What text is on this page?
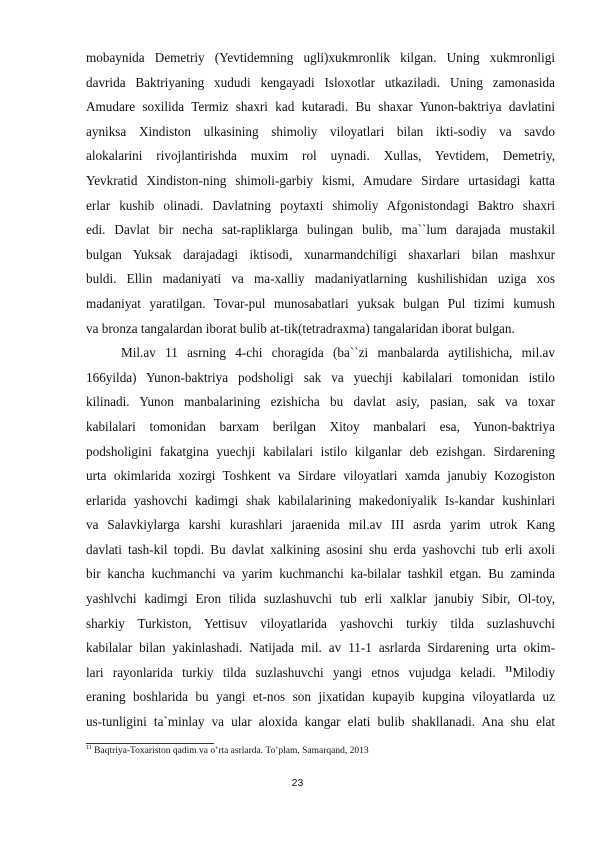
mobaynida Demetriy (Yevtidemning ugli)xukmronlik kilgan. Uning xukmronligi
davrida Baktriyaning xududi kengayadi Isloxotlar utkaziladi. Uning zamonasida
Amudare soxilida Termiz shaxri kad kutaradi. Bu shaxar Yunon-baktriya davlatini
ayniksa Xindiston ulkasining shimoliy viloyatlari bilan ikti-sodiy va savdo
alokalarini rivojlantirishda muxim rol uynadi. Xullas, Yevtidem, Demetriy,
Yevkratid Xindiston-ning shimoli-garbiy kismi, Amudare Sirdare urtasidagi katta
erlar kushib olinadi. Davlatning poytaxti shimoliy Afgonistondagi Baktro shaxri
edi. Davlat bir necha sat-rapliklarga bulingan bulib, ma``lum darajada mustakil
bulgan Yuksak darajadagi iktisodi, xunarmandchiligi shaxarlari bilan mashxur
buldi. Ellin madaniyati va ma-xalliy madaniyatlarning kushilishidan uziga xos
madaniyat yaratilgan. Tovar-pul munosabatlari yuksak bulgan Pul tizimi kumush
va bronza tangalardan iborat bulib at-tik(tetradraxma) tangalaridan iborat bulgan.
Mil.av 11 asrning 4-chi choragida (ba``zi manbalarda aytilishicha, mil.av
166yilda) Yunon-baktriya podsholigi sak va yuechji kabilalari tomonidan istilo
kilinadi. Yunon manbalarining ezishicha bu davlat asiy, pasian, sak va toxar
kabilalari tomonidan barxam berilgan Xitoy manbalari esa, Yunon-baktriya
podsholigini fakatgina yuechji kabilalari istilo kilganlar deb ezishgan. Sirdarening
urta okimlarida xozirgi Toshkent va Sirdare viloyatlari xamda janubiy Kozogiston
erlarida yashovchi kadimgi shak kabilalarining makedoniyalik Is-kandar kushinlari
va Salavkiylarga karshi kurashlari jaraenida mil.av III asrda yarim utrok Kang
davlati tash-kil topdi. Bu davlat xalkining asosini shu erda yashovchi tub erli axoli
bir kancha kuchmanchi va yarim kuchmanchi ka-bilalar tashkil etgan. Bu zaminda
yashlvchi kadimgi Eron tilida suzlashuvchi tub erli xalklar janubiy Sibir, Ol-toy,
sharkiy Turkiston, Yettisuv viloyatlarida yashovchi turkiy tilda suzlashuvchi
kabilalar bilan yakinlashadi. Natijada mil. av 11-1 asrlarda Sirdarening urta okim-
lari rayonlarida turkiy tilda suzlashuvchi yangi etnos vujudga keladi. $^{11}$Milodiy
eraning boshlarida bu yangi et-nos son jixatidan kupayib kupgina viloyatlarda uz
us-tunligini ta`minlay va ular aloxida kangar elati bulib shakllanadi. Ana shu elat
$^{11}$ Baqtriya-Toxariston qadim va o’rta asrlarda. To’plam, Samarqand, 2013
23
